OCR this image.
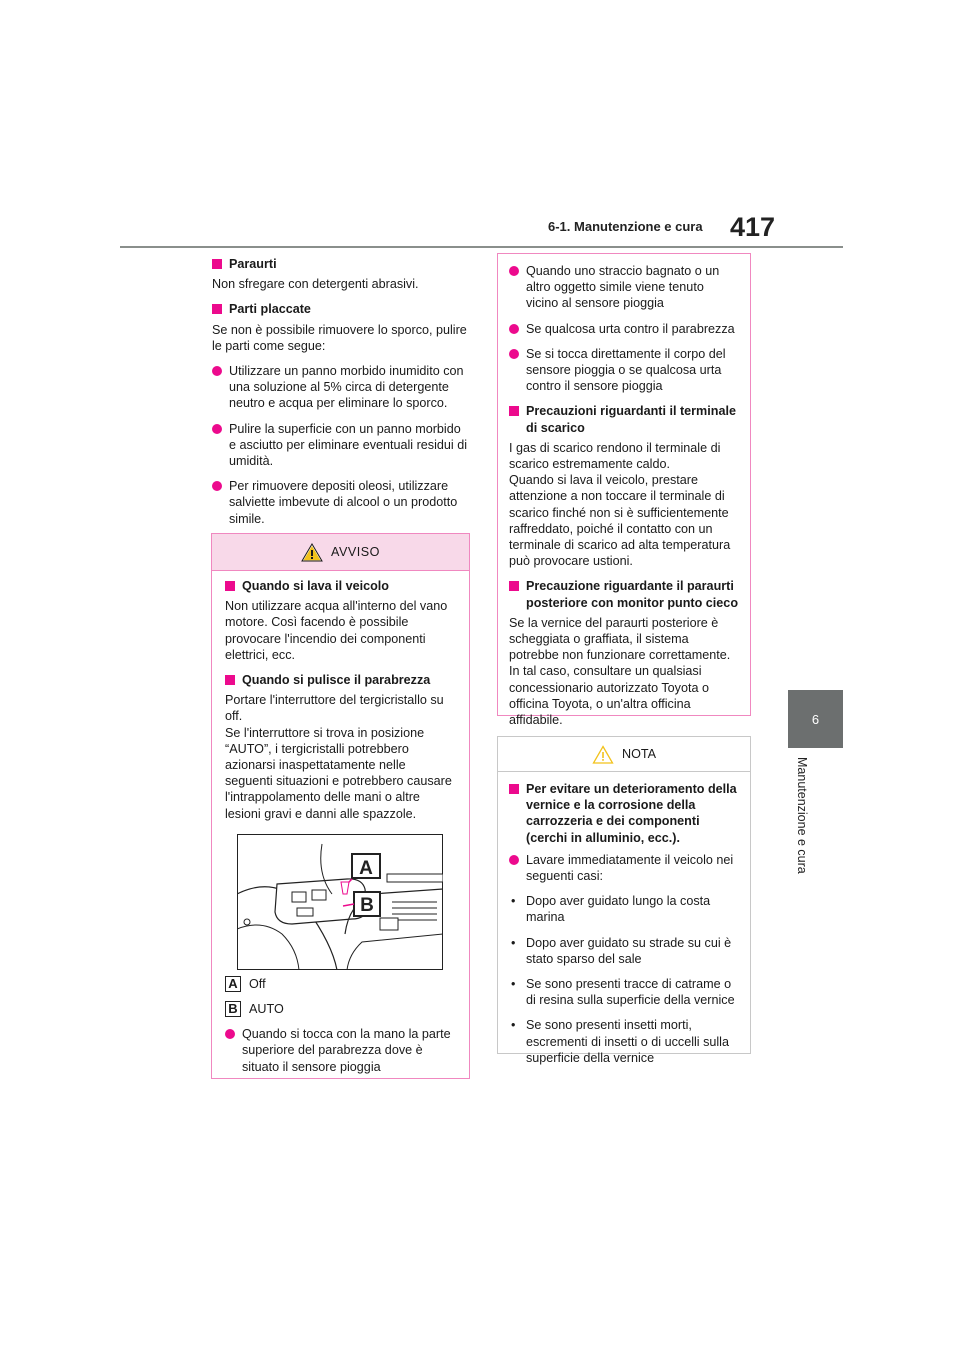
6-1. Manutenzione e cura 417
6
Manutenzione e cura
Paraurti
Non sfregare con detergenti abrasivi.
Parti placcate
Se non è possibile rimuovere lo sporco, pulire le parti come segue:
Utilizzare un panno morbido inumidito con una soluzione al 5% circa di detergente neutro e acqua per eliminare lo sporco.
Pulire la superficie con un panno morbido e asciutto per eliminare eventuali residui di umidità.
Per rimuovere depositi oleosi, utilizzare salviette imbevute di alcool o un prodotto simile.
AVVISO
Quando si lava il veicolo
Non utilizzare acqua all'interno del vano motore. Così facendo è possibile provocare l'incendio dei componenti elettrici, ecc.
Quando si pulisce il parabrezza
Portare l'interruttore del tergicristallo su off.
Se l'interruttore si trova in posizione “AUTO”, i tergicristalli potrebbero azionarsi inaspettatamente nelle seguenti situazioni e potrebbero causare l'intrappolamento delle mani o altre lesioni gravi e danni alle spazzole.
A
B
A Off
B AUTO
Quando si tocca con la mano la parte superiore del parabrezza dove è situato il sensore pioggia
Quando uno straccio bagnato o un altro oggetto simile viene tenuto vicino al sensore pioggia
Se qualcosa urta contro il parabrezza
Se si tocca direttamente il corpo del sensore pioggia o se qualcosa urta contro il sensore pioggia
Precauzioni riguardanti il terminale di scarico
I gas di scarico rendono il terminale di scarico estremamente caldo.
Quando si lava il veicolo, prestare attenzione a non toccare il terminale di scarico finché non si è sufficientemente raffreddato, poiché il contatto con un terminale di scarico ad alta temperatura può provocare ustioni.
Precauzione riguardante il paraurti posteriore con monitor punto cieco
Se la vernice del paraurti posteriore è scheggiata o graffiata, il sistema potrebbe non funzionare correttamente. In tal caso, consultare un qualsiasi concessionario autorizzato Toyota o officina Toyota, o un'altra officina affidabile.
NOTA
Per evitare un deterioramento della vernice e la corrosione della carrozzeria e dei componenti (cerchi in alluminio, ecc.).
Lavare immediatamente il veicolo nei seguenti casi:
• Dopo aver guidato lungo la costa marina
• Dopo aver guidato su strade su cui è stato sparso del sale
• Se sono presenti tracce di catrame o di resina sulla superficie della vernice
• Se sono presenti insetti morti, escrementi di insetti o di uccelli sulla superficie della vernice
